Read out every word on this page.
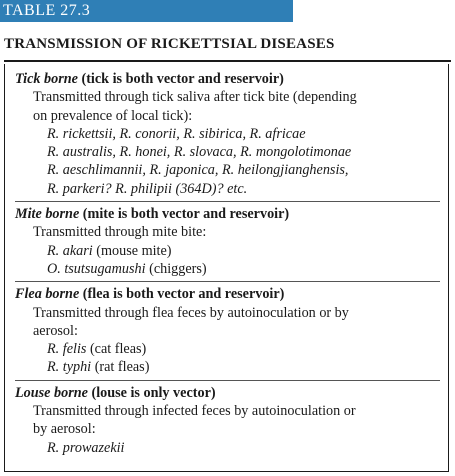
TABLE 27.3
TRANSMISSION OF RICKETTSIAL DISEASES
Tick borne (tick is both vector and reservoir)
Transmitted through tick saliva after tick bite (depending
on prevalence of local tick):
R. rickettsii, R. conorii, R. sibirica, R. africae
R. australis, R. honei, R. slovaca, R. mongolotimonae
R. aeschlimannii, R. japonica, R. heilongjianghensis,
R. parkeri? R. philipii (364D)? etc.
Mite borne (mite is both vector and reservoir)
Transmitted through mite bite:
R. akari (mouse mite)
O. tsutsugamushi (chiggers)
Flea borne (flea is both vector and reservoir)
Transmitted through flea feces by autoinoculation or by
aerosol:
R. felis (cat fleas)
R. typhi (rat fleas)
Louse borne (louse is only vector)
Transmitted through infected feces by autoinoculation or
by aerosol:
R. prowazekii
